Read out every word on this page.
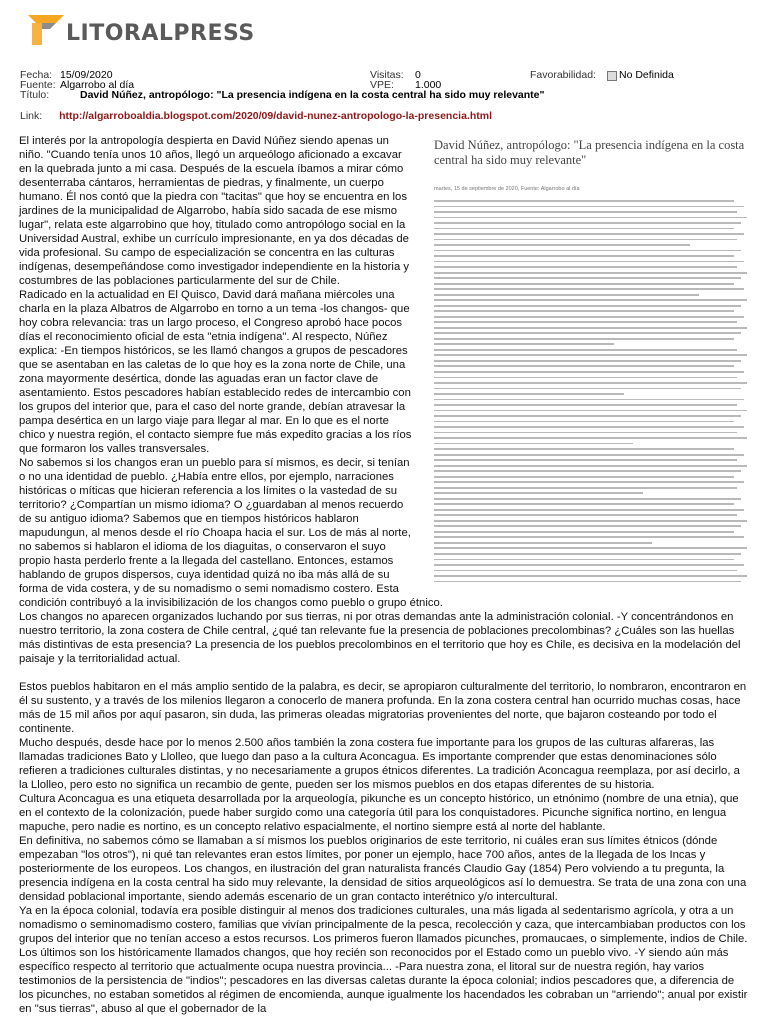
LITORALPRESS
Fecha: 15/09/2020	Visitas: 0	Favorabilidad: No Definida
Fuente: Algarrobo al día	VPE: 1.000
Título:	David Núñez, antropólogo: "La presencia indígena en la costa central ha sido muy relevante"
Link: http://algarroboaldia.blogspot.com/2020/09/david-nunez-antropologo-la-presencia.html
David Núñez, antropólogo: "La presencia indígena en la costa central ha sido muy relevante"
martes, 15 de septiembre de 2020, Fuente: Algarrobo al día

El interés por la antropología despierta en David Núñez siendo apenas un niño. "Cuando tenía unos 10 años, llegó un arqueólogo aficionado a excavar en la quebrada junto a mi casa. Después de la escuela íbamos a mirar cómo desenterraba cántaros, herramientas de piedras, y finalmente, un cuerpo humano. Él nos contó que la piedra con "tacitas" que hoy se encuentra en los jardines de la municipalidad de Algarrobo, había sido sacada de ese mismo lugar", relata este algarrobino que hoy, titulado como antropólogo social en la Universidad Austral, exhibe un currículo impresionante, en ya dos décadas de vida profesional. Su campo de especialización se concentra en las culturas indígenas, desempeñándose como investigador independiente en la historia y costumbres de las poblaciones particularmente del sur de Chile.

Radicado en la actualidad en El Quisco, David dará mañana miércoles una charla en la plaza Albatros de Algarrobo en torno a un tema -los changos- que hoy cobra relevancia: tras un largo proceso, el Congreso aprobó hace pocos días el reconocimiento oficial de esta "etnia indígena". Al respecto, Núñez explica: -En tiempos históricos, se les llamó changos a grupos de pescadores que se asentaban en las caletas de lo que hoy es la zona norte de Chile, una zona mayormente desértica, donde las aguadas eran un factor clave de asentamiento. Estos pescadores habían establecido redes de intercambio con los grupos del interior que, para el caso del norte grande, debían atravesar la pampa desértica en un largo viaje para llegar al mar. En lo que es el norte chico y nuestra región, el contacto siempre fue más expedito gracias a los ríos que formaron los valles transversales.

No sabemos si los changos eran un pueblo para sí mismos, es decir, si tenían o no una identidad de pueblo. ¿Había entre ellos, por ejemplo, narraciones históricas o míticas que hicieran referencia a los límites o la vastedad de su territorio? ¿Compartían un mismo idioma? O ¿guardaban al menos recuerdo de su antiguo idioma? Sabemos que en tiempos históricos hablaron mapudungun, al menos desde el río Choapa hacia el sur. Los de más al norte, no sabemos si hablaron el idioma de los diaguitas, o conservaron el suyo propio hasta perderlo frente a la llegada del castellano. Entonces, estamos hablando de grupos dispersos, cuya identidad quizá no iba más allá de su forma de vida costera, y de su nomadismo o semi nomadismo costero. Esta condición contribuyó a la invisibilización de los changos como pueblo o grupo étnico.

Los changos no aparecen organizados luchando por sus tierras, ni por otras demandas ante la administración colonial. -Y concentrándonos en nuestro territorio, la zona costera de Chile central, ¿qué tan relevante fue la presencia de poblaciones precolombinas? ¿Cuáles son las huellas más distintivas de esta presencia? La presencia de los pueblos precolombinos en el territorio que hoy es Chile, es decisiva en la modelación del paisaje y la territorialidad actual.

Estos pueblos habitaron en el más amplio sentido de la palabra, es decir, se apropiaron culturalmente del territorio, lo nombraron, encontraron en él su sustento, y a través de los milenios llegaron a conocerlo de manera profunda. En la zona costera central han ocurrido muchas cosas, hace más de 15 mil años por aquí pasaron, sin duda, las primeras oleadas migratorias provenientes del norte, que bajaron costeando por todo el continente.

Mucho después, desde hace por lo menos 2.500 años también la zona costera fue importante para los grupos de las culturas alfareras, las llamadas tradiciones Bato y Llolleo, que luego dan paso a la cultura Aconcagua. Es importante comprender que estas denominaciones sólo refieren a tradiciones culturales distintas, y no necesariamente a grupos étnicos diferentes. La tradición Aconcagua reemplaza, por así decirlo, a la Llolleo, pero esto no significa un recambio de gente, pueden ser los mismos pueblos en dos etapas diferentes de su historia.

Cultura Aconcagua es una etiqueta desarrollada por la arqueología, pikunche es un concepto histórico, un etnónimo (nombre de una etnia), que en el contexto de la colonización, puede haber surgido como una categoría útil para los conquistadores. Picunche significa nortino, en lengua mapuche, pero nadie es nortino, es un concepto relativo espacialmente, el nortino siempre está al norte del hablante.

En definitiva, no sabemos cómo se llamaban a sí mismos los pueblos originarios de este territorio, ni cuáles eran sus límites étnicos (dónde empezaban "los otros"), ni qué tan relevantes eran estos límites, por poner un ejemplo, hace 700 años, antes de la llegada de los Incas y posteriormente de los europeos. Los changos, en ilustración del gran naturalista francés Claudio Gay (1854) Pero volviendo a tu pregunta, la presencia indígena en la costa central ha sido muy relevante, la densidad de sitios arqueológicos así lo demuestra. Se trata de una zona con una densidad poblacional importante, siendo además escenario de un gran contacto interétnico y/o intercultural.

Ya en la época colonial, todavía era posible distinguir al menos dos tradiciones culturales, una más ligada al sedentarismo agrícola, y otra a un nomadismo o seminomadismo costero, familias que vivían principalmente de la pesca, recolección y caza, que intercambiaban productos con los grupos del interior que no tenían acceso a estos recursos. Los primeros fueron llamados picunches, promaucaes, o simplemente, indios de Chile.

Los últimos son los históricamente llamados changos, que hoy recién son reconocidos por el Estado como un pueblo vivo. -Y siendo aún más específico respecto al territorio que actualmente ocupa nuestra provincia... -Para nuestra zona, el litoral sur de nuestra región, hay varios testimonios de la persistencia de "indios"; pescadores en las diversas caletas durante la época colonial; indios pescadores que, a diferencia de los picunches, no estaban sometidos al régimen de encomienda, aunque igualmente los hacendados les cobraban un "arriendo"; anual por existir en "sus tierras", abuso al que el gobernador de la
